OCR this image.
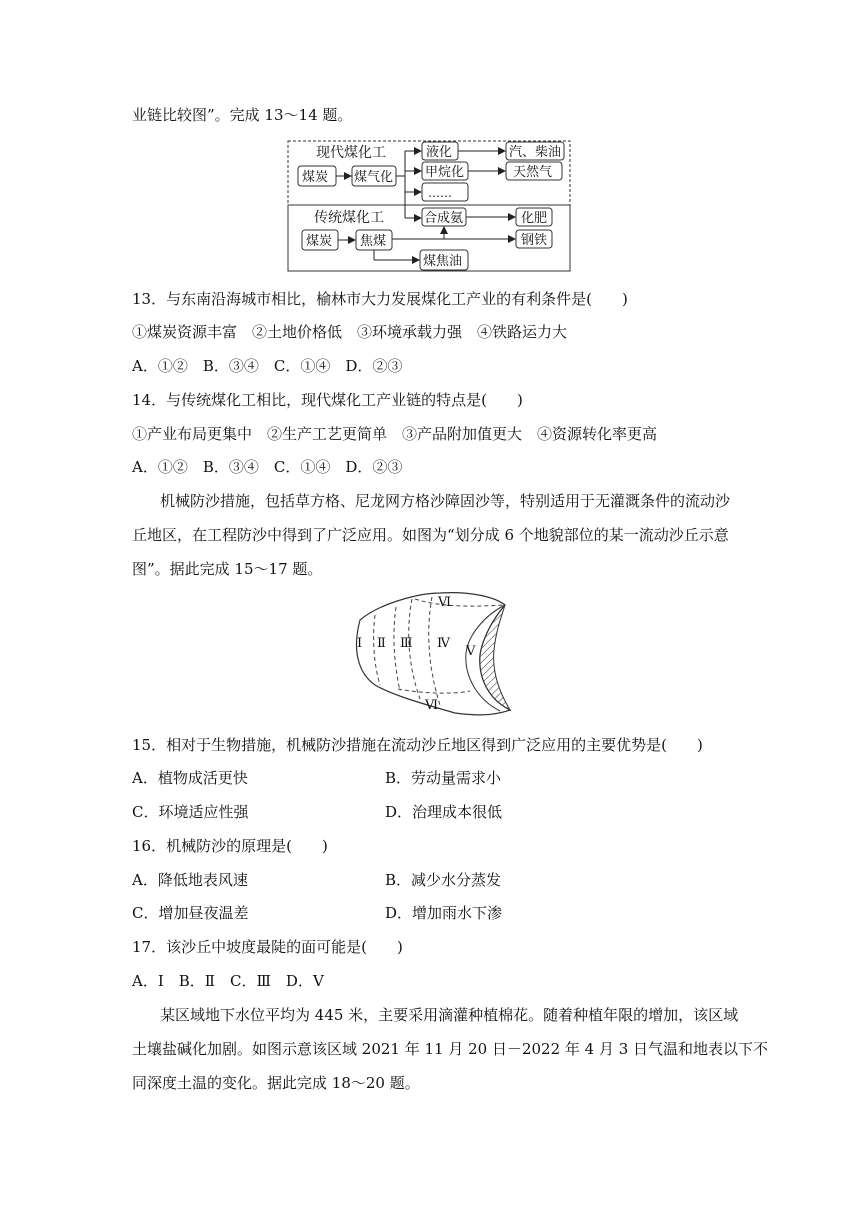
业链比较图”。完成 13～14 题。
现代煤化工
传统煤化工
煤炭 煤气化
液化
甲烷化
……
汽、柴油
天然气
合成氨	化肥
煤炭 焦煤	钢铁
煤焦油
13．与东南沿海城市相比，榆林市大力发展煤化工产业的有利条件是(　　)
①煤炭资源丰富　②土地价格低　③环境承载力强　④铁路运力大
A．①②　B．③④　C．①④　D．②③
14．与传统煤化工相比，现代煤化工产业链的特点是(　　)
①产业布局更集中　②生产工艺更简单　③产品附加值更大　④资源转化率更高
A．①②　B．③④　C．①④　D．②③
机械防沙措施，包括草方格、尼龙网方格沙障固沙等，特别适用于无灌溉条件的流动沙
丘地区，在工程防沙中得到了广泛应用。如图为“划分成 6 个地貌部位的某一流动沙丘示意
图”。据此完成 15～17 题。
Ⅰ Ⅱ Ⅲ Ⅳ
Ⅴ
Ⅵ
Ⅵ
15．相对于生物措施，机械防沙措施在流动沙丘地区得到广泛应用的主要优势是(　　)
A．植物成活更快	B．劳动量需求小
C．环境适应性强	D．治理成本很低
16．机械防沙的原理是(　　)
A．降低地表风速	B．减少水分蒸发
C．增加昼夜温差	D．增加雨水下渗
17．该沙丘中坡度最陡的面可能是(　　)
A．Ⅰ　B．Ⅱ　C．Ⅲ　D．Ⅴ
某区域地下水位平均为 445 米，主要采用滴灌种植棉花。随着种植年限的增加，该区域
土壤盐碱化加剧。如图示意该区域 2021 年 11 月 20 日－2022 年 4 月 3 日气温和地表以下不
同深度土温的变化。据此完成 18～20 题。
